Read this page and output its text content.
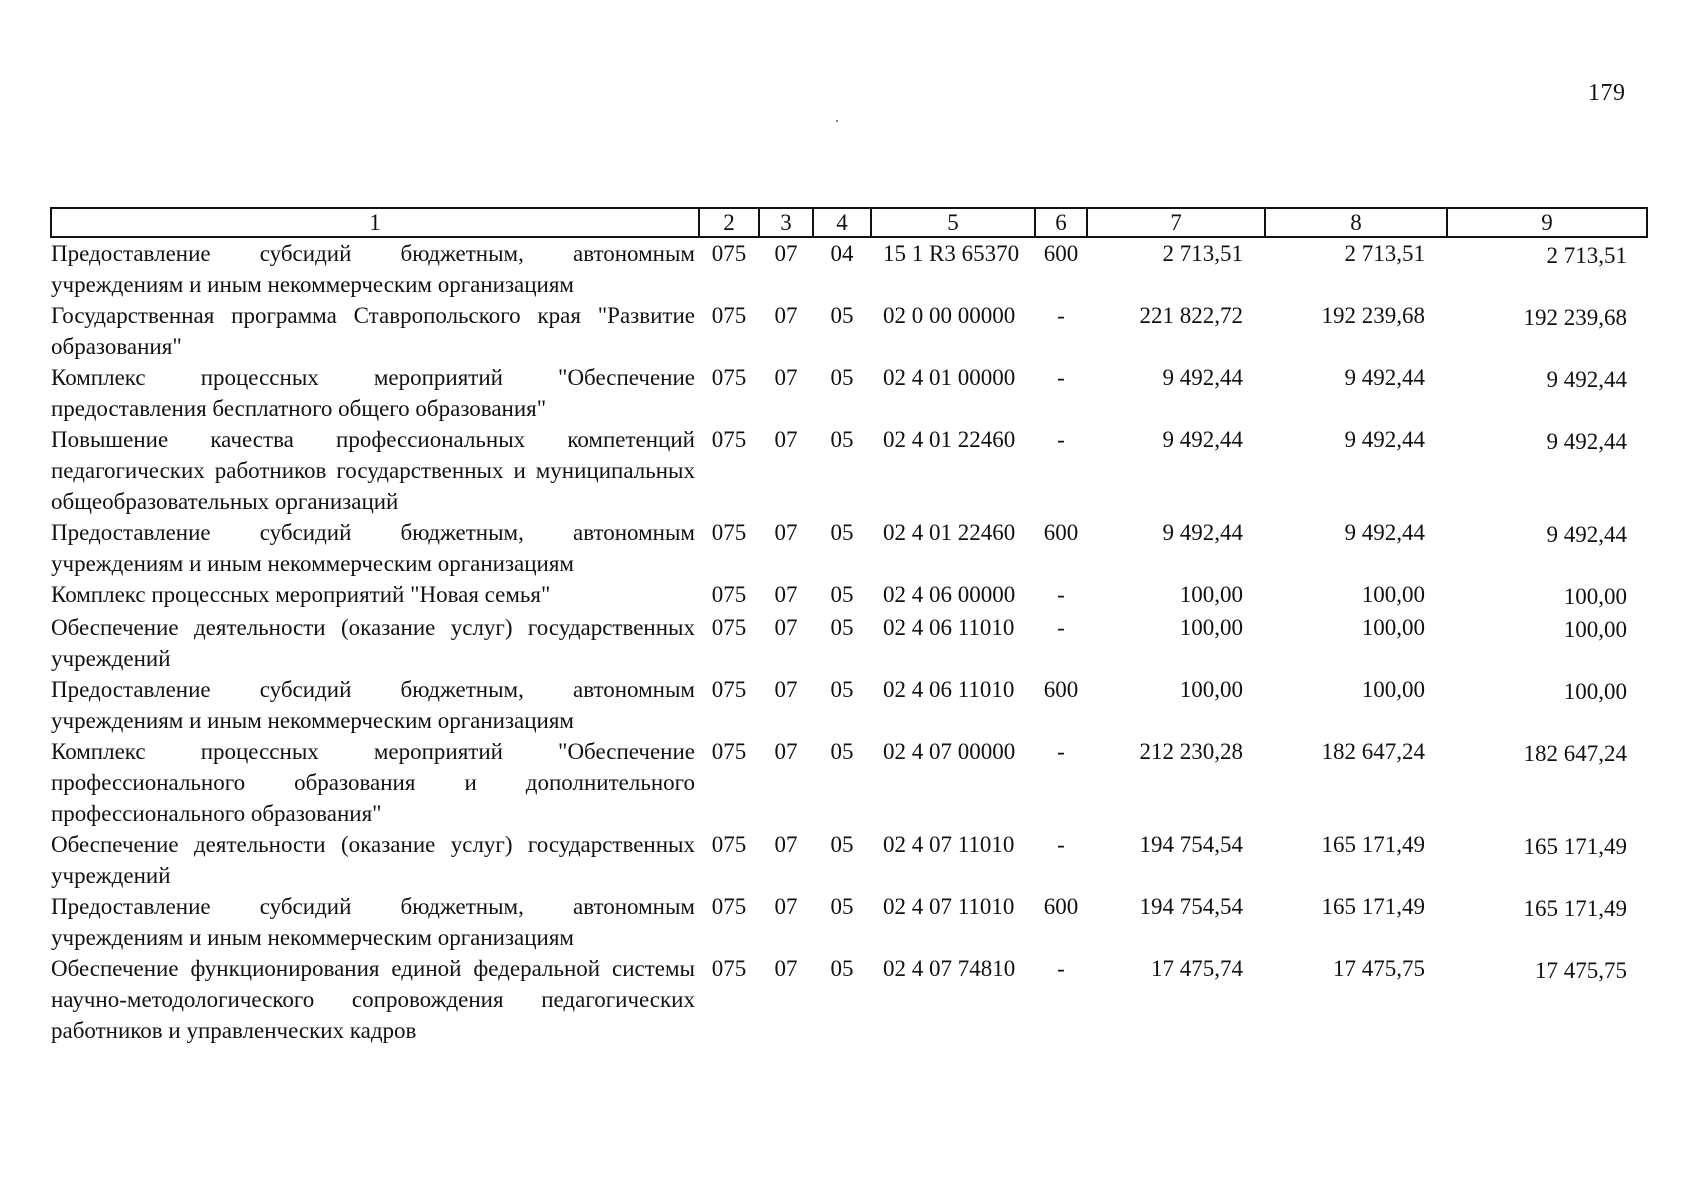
179
1	2	3	4	5	6	7	8	9
Предоставление субсидий бюджетным, автономным учреждениям и иным некоммерческим организациям	075	07	04	15 1 R3 65370	600	2 713,51	2 713,51	2 713,51
Государственная программа Ставропольского края "Развитие образования"	075	07	05	02 0 00 00000	-	221 822,72	192 239,68	192 239,68
Комплекс процессных мероприятий "Обеспечение предоставления бесплатного общего образования"	075	07	05	02 4 01 00000	-	9 492,44	9 492,44	9 492,44
Повышение качества профессиональных компетенций педагогических работников государственных и муниципальных общеобразовательных организаций	075	07	05	02 4 01 22460	-	9 492,44	9 492,44	9 492,44
Предоставление субсидий бюджетным, автономным учреждениям и иным некоммерческим организациям	075	07	05	02 4 01 22460	600	9 492,44	9 492,44	9 492,44
Комплекс процессных мероприятий "Новая семья"	075	07	05	02 4 06 00000	-	100,00	100,00	100,00
Обеспечение деятельности (оказание услуг) государственных учреждений	075	07	05	02 4 06 11010	-	100,00	100,00	100,00
Предоставление субсидий бюджетным, автономным учреждениям и иным некоммерческим организациям	075	07	05	02 4 06 11010	600	100,00	100,00	100,00
Комплекс процессных мероприятий "Обеспечение профессионального образования и дополнительного профессионального образования"	075	07	05	02 4 07 00000	-	212 230,28	182 647,24	182 647,24
Обеспечение деятельности (оказание услуг) государственных учреждений	075	07	05	02 4 07 11010	-	194 754,54	165 171,49	165 171,49
Предоставление субсидий бюджетным, автономным учреждениям и иным некоммерческим организациям	075	07	05	02 4 07 11010	600	194 754,54	165 171,49	165 171,49
Обеспечение функционирования единой федеральной системы научно-методологического сопровождения педагогических работников и управленческих кадров	075	07	05	02 4 07 74810	-	17 475,74	17 475,75	17 475,75
